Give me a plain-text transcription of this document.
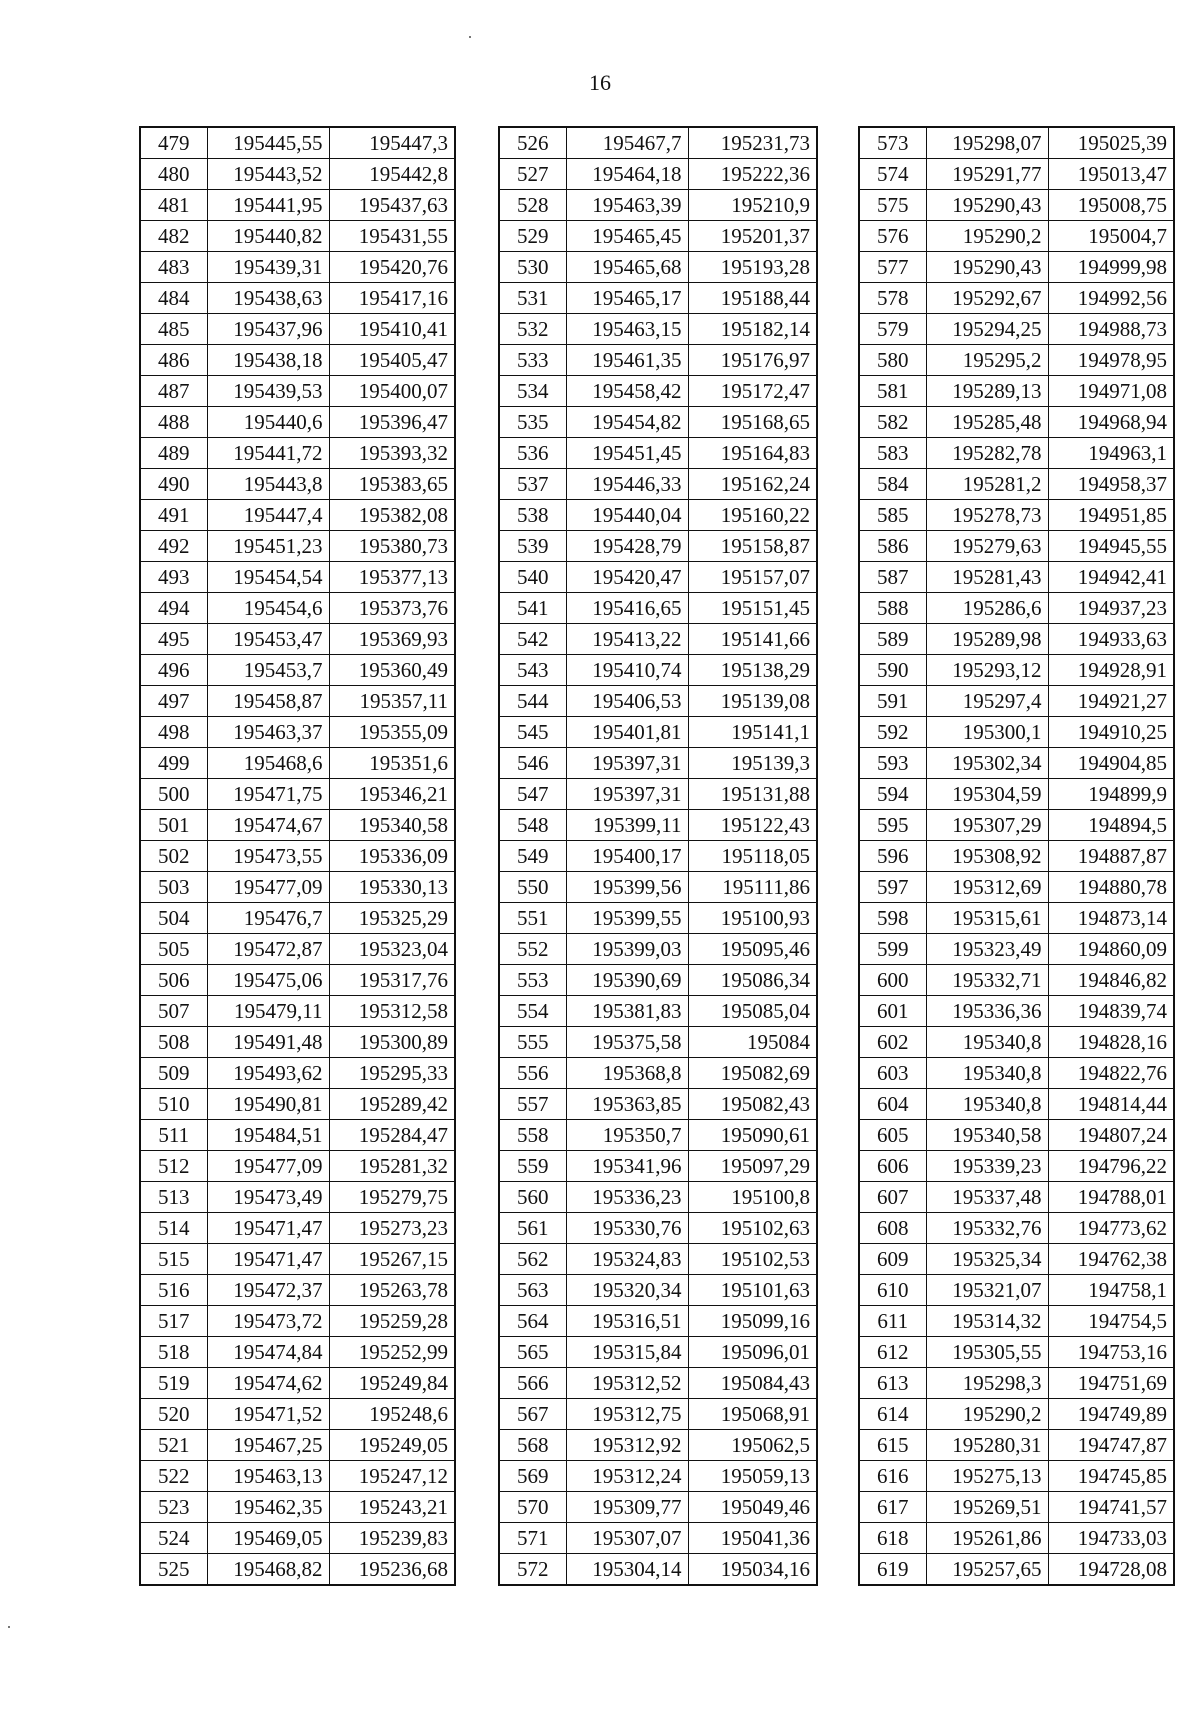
16
479	195445,55	195447,3
480	195443,52	195442,8
481	195441,95	195437,63
482	195440,82	195431,55
483	195439,31	195420,76
484	195438,63	195417,16
485	195437,96	195410,41
486	195438,18	195405,47
487	195439,53	195400,07
488	195440,6	195396,47
489	195441,72	195393,32
490	195443,8	195383,65
491	195447,4	195382,08
492	195451,23	195380,73
493	195454,54	195377,13
494	195454,6	195373,76
495	195453,47	195369,93
496	195453,7	195360,49
497	195458,87	195357,11
498	195463,37	195355,09
499	195468,6	195351,6
500	195471,75	195346,21
501	195474,67	195340,58
502	195473,55	195336,09
503	195477,09	195330,13
504	195476,7	195325,29
505	195472,87	195323,04
506	195475,06	195317,76
507	195479,11	195312,58
508	195491,48	195300,89
509	195493,62	195295,33
510	195490,81	195289,42
511	195484,51	195284,47
512	195477,09	195281,32
513	195473,49	195279,75
514	195471,47	195273,23
515	195471,47	195267,15
516	195472,37	195263,78
517	195473,72	195259,28
518	195474,84	195252,99
519	195474,62	195249,84
520	195471,52	195248,6
521	195467,25	195249,05
522	195463,13	195247,12
523	195462,35	195243,21
524	195469,05	195239,83
525	195468,82	195236,68
526	195467,7	195231,73
527	195464,18	195222,36
528	195463,39	195210,9
529	195465,45	195201,37
530	195465,68	195193,28
531	195465,17	195188,44
532	195463,15	195182,14
533	195461,35	195176,97
534	195458,42	195172,47
535	195454,82	195168,65
536	195451,45	195164,83
537	195446,33	195162,24
538	195440,04	195160,22
539	195428,79	195158,87
540	195420,47	195157,07
541	195416,65	195151,45
542	195413,22	195141,66
543	195410,74	195138,29
544	195406,53	195139,08
545	195401,81	195141,1
546	195397,31	195139,3
547	195397,31	195131,88
548	195399,11	195122,43
549	195400,17	195118,05
550	195399,56	195111,86
551	195399,55	195100,93
552	195399,03	195095,46
553	195390,69	195086,34
554	195381,83	195085,04
555	195375,58	195084
556	195368,8	195082,69
557	195363,85	195082,43
558	195350,7	195090,61
559	195341,96	195097,29
560	195336,23	195100,8
561	195330,76	195102,63
562	195324,83	195102,53
563	195320,34	195101,63
564	195316,51	195099,16
565	195315,84	195096,01
566	195312,52	195084,43
567	195312,75	195068,91
568	195312,92	195062,5
569	195312,24	195059,13
570	195309,77	195049,46
571	195307,07	195041,36
572	195304,14	195034,16
573	195298,07	195025,39
574	195291,77	195013,47
575	195290,43	195008,75
576	195290,2	195004,7
577	195290,43	194999,98
578	195292,67	194992,56
579	195294,25	194988,73
580	195295,2	194978,95
581	195289,13	194971,08
582	195285,48	194968,94
583	195282,78	194963,1
584	195281,2	194958,37
585	195278,73	194951,85
586	195279,63	194945,55
587	195281,43	194942,41
588	195286,6	194937,23
589	195289,98	194933,63
590	195293,12	194928,91
591	195297,4	194921,27
592	195300,1	194910,25
593	195302,34	194904,85
594	195304,59	194899,9
595	195307,29	194894,5
596	195308,92	194887,87
597	195312,69	194880,78
598	195315,61	194873,14
599	195323,49	194860,09
600	195332,71	194846,82
601	195336,36	194839,74
602	195340,8	194828,16
603	195340,8	194822,76
604	195340,8	194814,44
605	195340,58	194807,24
606	195339,23	194796,22
607	195337,48	194788,01
608	195332,76	194773,62
609	195325,34	194762,38
610	195321,07	194758,1
611	195314,32	194754,5
612	195305,55	194753,16
613	195298,3	194751,69
614	195290,2	194749,89
615	195280,31	194747,87
616	195275,13	194745,85
617	195269,51	194741,57
618	195261,86	194733,03
619	195257,65	194728,08
